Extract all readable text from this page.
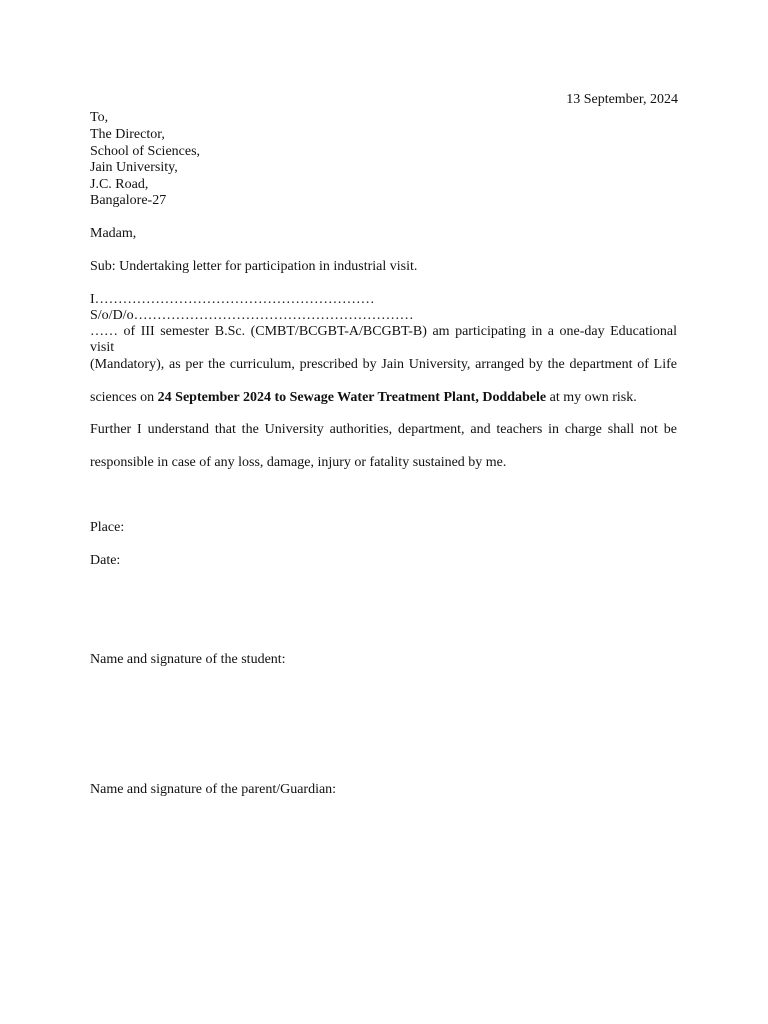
13 September, 2024
To,
The Director,
School of Sciences,
Jain University,
J.C. Road,
Bangalore-27
Madam,
Sub: Undertaking letter for participation in industrial visit.
I……………………………………………………S/o/D/o……………………………………………………
…… of III semester B.Sc. (CMBT/BCGBT-A/BCGBT-B) am participating in a one-day Educational visit
(Mandatory), as per the curriculum, prescribed by Jain University, arranged by the department of Life
sciences on 24 September 2024 to Sewage Water Treatment Plant, Doddabele at my own risk.
Further I understand that the University authorities, department, and teachers in charge shall not be
responsible in case of any loss, damage, injury or fatality sustained by me.
Place:
Date:
Name and signature of the student:
Name and signature of the parent/Guardian:
